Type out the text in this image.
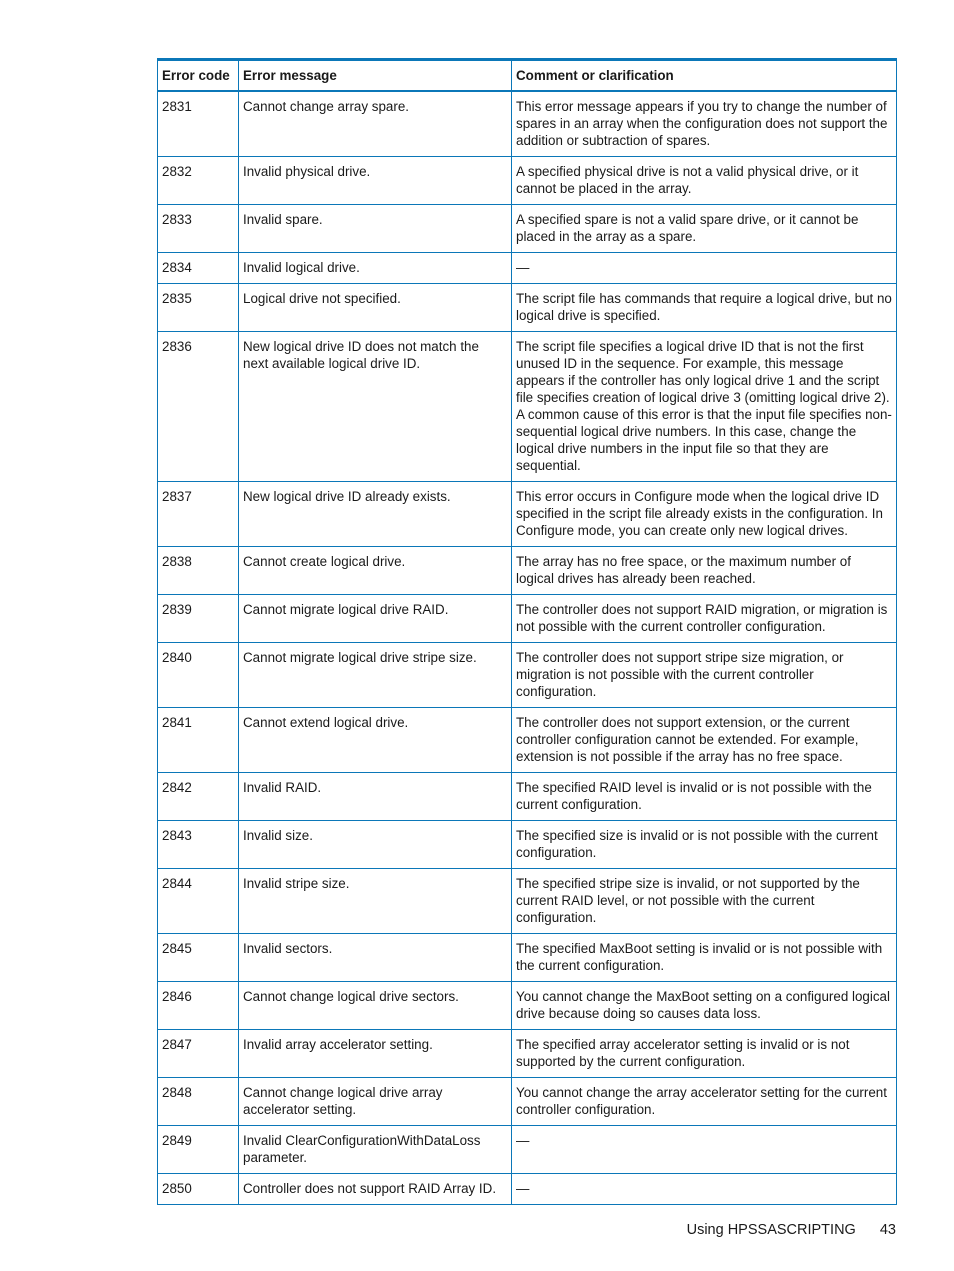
Error code	Error message	Comment or clarification
2831	Cannot change array spare.	This error message appears if you try to change the number of spares in an array when the configuration does not support the addition or subtraction of spares.
2832	Invalid physical drive.	A specified physical drive is not a valid physical drive, or it cannot be placed in the array.
2833	Invalid spare.	A specified spare is not a valid spare drive, or it cannot be placed in the array as a spare.
2834	Invalid logical drive.	—
2835	Logical drive not specified.	The script file has commands that require a logical drive, but no logical drive is specified.
2836	New logical drive ID does not match the next available logical drive ID.	The script file specifies a logical drive ID that is not the first unused ID in the sequence. For example, this message appears if the controller has only logical drive 1 and the script file specifies creation of logical drive 3 (omitting logical drive 2). A common cause of this error is that the input file specifies non-sequential logical drive numbers. In this case, change the logical drive numbers in the input file so that they are sequential.
2837	New logical drive ID already exists.	This error occurs in Configure mode when the logical drive ID specified in the script file already exists in the configuration. In Configure mode, you can create only new logical drives.
2838	Cannot create logical drive.	The array has no free space, or the maximum number of logical drives has already been reached.
2839	Cannot migrate logical drive RAID.	The controller does not support RAID migration, or migration is not possible with the current controller configuration.
2840	Cannot migrate logical drive stripe size.	The controller does not support stripe size migration, or migration is not possible with the current controller configuration.
2841	Cannot extend logical drive.	The controller does not support extension, or the current controller configuration cannot be extended. For example, extension is not possible if the array has no free space.
2842	Invalid RAID.	The specified RAID level is invalid or is not possible with the current configuration.
2843	Invalid size.	The specified size is invalid or is not possible with the current configuration.
2844	Invalid stripe size.	The specified stripe size is invalid, or not supported by the current RAID level, or not possible with the current configuration.
2845	Invalid sectors.	The specified MaxBoot setting is invalid or is not possible with the current configuration.
2846	Cannot change logical drive sectors.	You cannot change the MaxBoot setting on a configured logical drive because doing so causes data loss.
2847	Invalid array accelerator setting.	The specified array accelerator setting is invalid or is not supported by the current configuration.
2848	Cannot change logical drive array accelerator setting.	You cannot change the array accelerator setting for the current controller configuration.
2849	Invalid ClearConfigurationWithDataLoss parameter.	—
2850	Controller does not support RAID Array ID.	—
Using HPSSASCRIPTING 43
